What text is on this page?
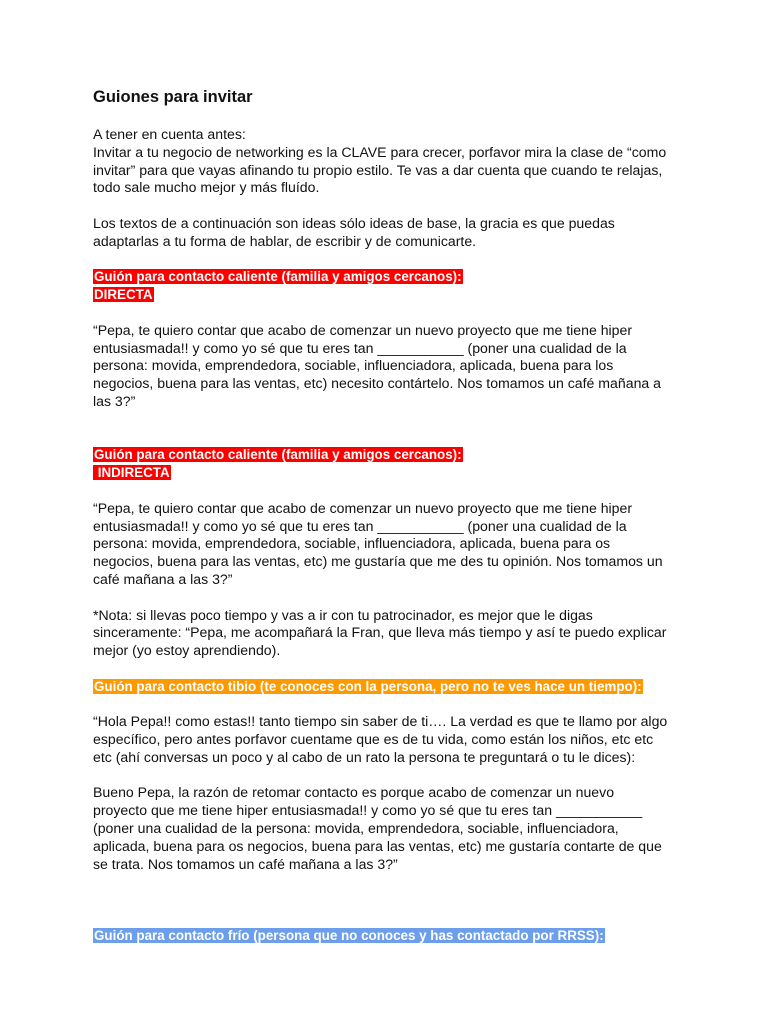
Guiones para invitar

A tener en cuenta antes:

Invitar a tu negocio de networking es la CLAVE para crecer, porfavor mira la clase de “como

invitar” para que vayas afinando tu propio estilo. Te vas a dar cuenta que cuando te relajas,

todo sale mucho mejor y más fluído.

Los textos de a continuación son ideas sólo ideas de base, la gracia es que puedas

adaptarlas a tu forma de hablar, de escribir y de comunicarte.

Guión para contacto caliente (familia y amigos cercanos):

DIRECTA

“Pepa, te quiero contar que acabo de comenzar un nuevo proyecto que me tiene hiper

entusiasmada!! y como yo sé que tu eres tan ___________ (poner una cualidad de la

persona: movida, emprendedora, sociable, influenciadora, aplicada, buena para los

negocios, buena para las ventas, etc) necesito contártelo. Nos tomamos un café mañana a

las 3?”

Guión para contacto caliente (familia y amigos cercanos):

INDIRECTA

“Pepa, te quiero contar que acabo de comenzar un nuevo proyecto que me tiene hiper

entusiasmada!! y como yo sé que tu eres tan ___________ (poner una cualidad de la

persona: movida, emprendedora, sociable, influenciadora, aplicada, buena para os

negocios, buena para las ventas, etc) me gustaría que me des tu opinión. Nos tomamos un

café mañana a las 3?”

*Nota: si llevas poco tiempo y vas a ir con tu patrocinador, es mejor que le digas

sinceramente: “Pepa, me acompañará la Fran, que lleva más tiempo y así te puedo explicar

mejor (yo estoy aprendiendo).

Guión para contacto tibio (te conoces con la persona, pero no te ves hace un tiempo):

“Hola Pepa!! como estas!! tanto tiempo sin saber de ti…. La verdad es que te llamo por algo

específico, pero antes porfavor cuentame que es de tu vida, como están los niños, etc etc

etc (ahí conversas un poco y al cabo de un rato la persona te preguntará o tu le dices):

Bueno Pepa, la razón de retomar contacto es porque acabo de comenzar un nuevo

proyecto que me tiene hiper entusiasmada!! y como yo sé que tu eres tan ___________

(poner una cualidad de la persona: movida, emprendedora, sociable, influenciadora,

aplicada, buena para os negocios, buena para las ventas, etc) me gustaría contarte de que

se trata. Nos tomamos un café mañana a las 3?”

Guión para contacto frío (persona que no conoces y has contactado por RRSS):
